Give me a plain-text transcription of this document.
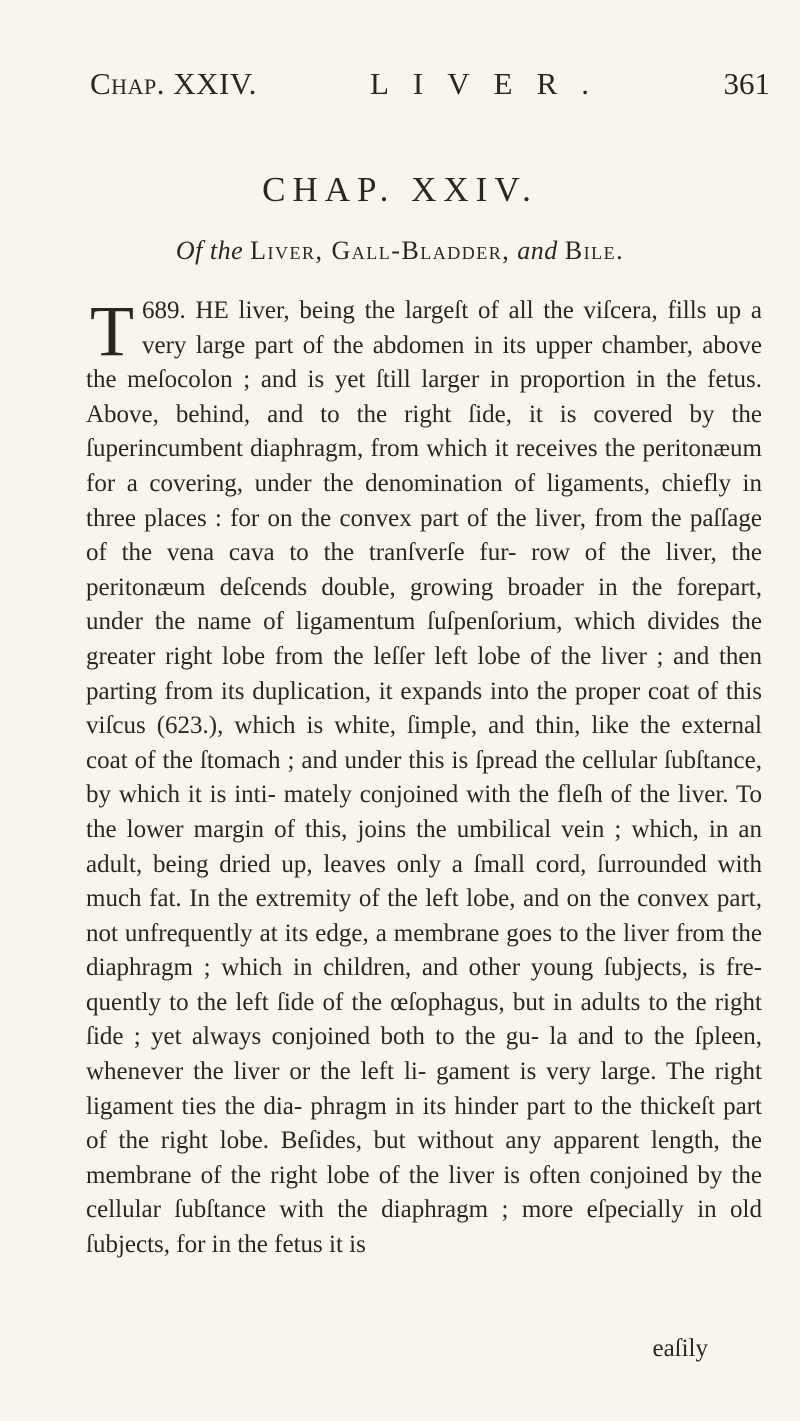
Chap. XXIV.	LIVER.	361
CHAP. XXIV.
Of the Liver, Gall-Bladder, and Bile.

T 689. HE liver, being the largeſt of all the viſcera, fills up a very large part of the abdomen in its upper chamber, above the meſocolon ; and is yet ſtill larger in proportion in the fetus. Above, behind, and to the right ſide, it is covered by the ſuperincumbent diaphragm, from which it receives the peritonæum for a covering, under the denomination of ligaments, chiefly in three places : for on the convex part of the liver, from the paſſage of the vena cava to the tranſverſe fur- row of the liver, the peritonæum deſcends double, growing broader in the forepart, under the name of ligamentum ſuſpenſorium, which divides the greater right lobe from the leſſer left lobe of the liver ; and then parting from its duplication, it expands into the proper coat of this viſcus (623.), which is white, ſimple, and thin, like the external coat of the ſtomach ; and under this is ſpread the cellular ſubſtance, by which it is inti- mately conjoined with the fleſh of the liver. To the lower margin of this, joins the umbilical vein ; which, in an adult, being dried up, leaves only a ſmall cord, ſurrounded with much fat. In the extremity of the left lobe, and on the convex part, not unfrequently at its edge, a membrane goes to the liver from the diaphragm ; which in children, and other young ſubjects, is fre- quently to the left ſide of the œſophagus, but in adults to the right ſide ; yet always conjoined both to the gu- la and to the ſpleen, whenever the liver or the left li- gament is very large. The right ligament ties the dia- phragm in its hinder part to the thickeſt part of the right lobe. Beſides, but without any apparent length, the membrane of the right lobe of the liver is often conjoined by the cellular ſubſtance with the diaphragm ; more eſpecially in old ſubjects, for in the fetus it is

eaſily
